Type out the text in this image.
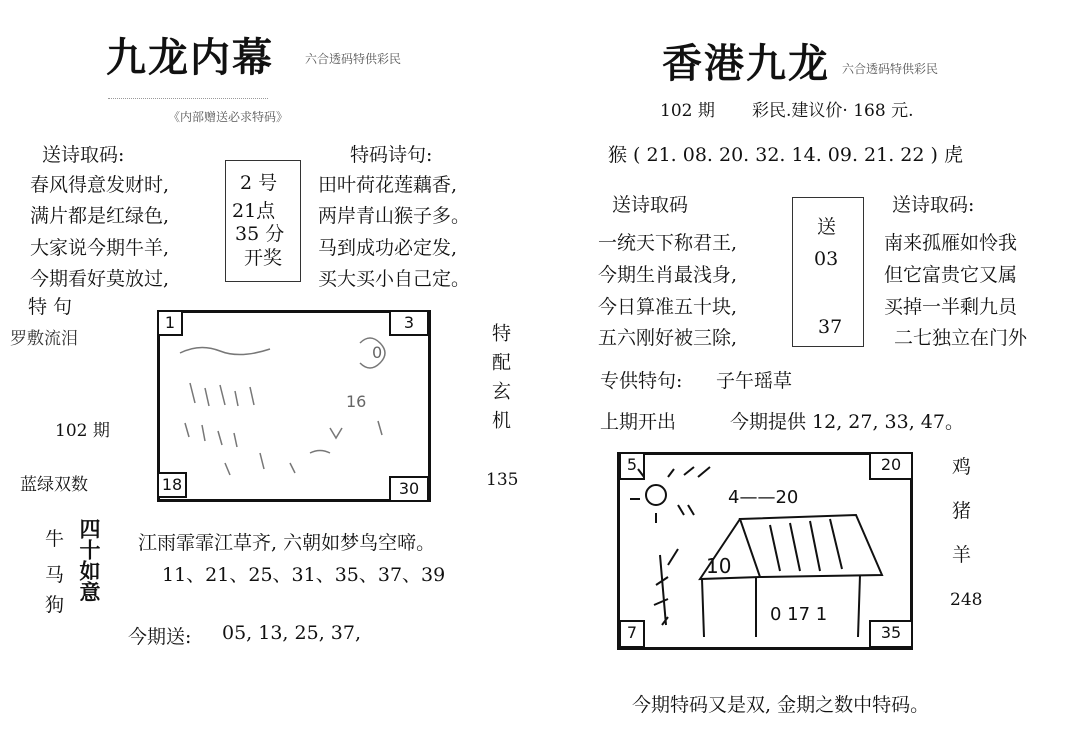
九龙内幕	六合透码特供彩民
《内部赠送必求特码》
送诗取码:
春风得意发财时,
满片都是红绿色,
大家说今期牛羊,
今期看好莫放过,
2 号
21点
35 分
开奖
特码诗句:
田叶荷花莲藕香,
两岸青山猴子多。
马到成功必定发,
买大买小自己定。
特 句
罗敷流泪
102 期
蓝绿双数
1	3
18	30
0
16	特配玄机
135
牛
马
狗
四十如意 江雨霏霏江草齐, 六朝如梦鸟空啼。
11、21、25、31、35、37、39
今期送: 05, 13, 25, 37,
香港九龙 六合透码特供彩民
102 期 彩民.建议价· 168 元.
猴 ( 21. 08. 20. 32. 14. 09. 21. 22 ) 虎
送诗取码
一统天下称君王,
今期生肖最浅身,
今日算准五十块,
五六刚好被三除,
送
03
37
送诗取码:
南来孤雁如怜我
但它富贵它又属
买掉一半剩九员
二七独立在门外
专供特句: 子午瑶草
上期开出	今期提供 12, 27, 33, 47。
5	20
7	35
4——20
10
0 17 1
鸡
猪
羊
248
今期特码又是双, 金期之数中特码。
